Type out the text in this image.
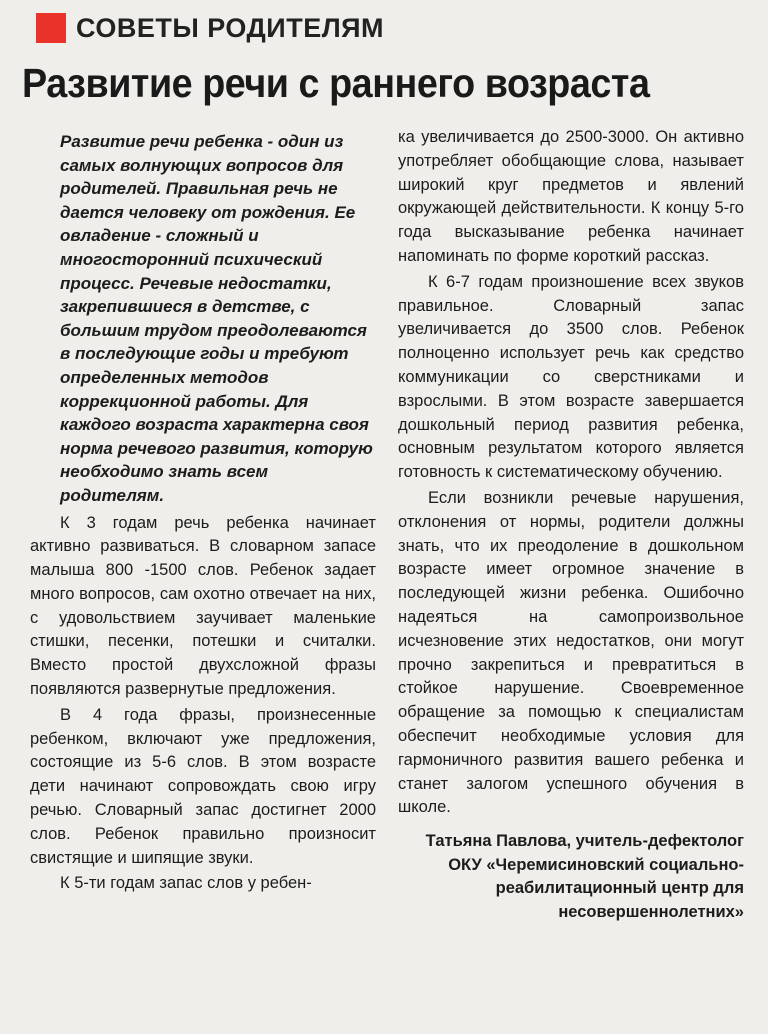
СОВЕТЫ РОДИТЕЛЯМ
Развитие речи с раннего возраста

Развитие речи ребенка - один из самых волнующих вопросов для родителей. Правильная речь не дается человеку от рождения. Ее овладение - сложный и многосторонний психический процесс. Речевые недостатки, закрепившиеся в детстве, с большим трудом преодолеваются в последующие годы и требуют определенных методов коррекционной работы. Для каждого возраста характерна своя норма речевого развития, которую необходимо знать всем родителям.

К 3 годам речь ребенка начинает активно развиваться. В словарном запасе малыша 800 -1500 слов. Ребенок задает много вопросов, сам охотно отвечает на них, с удовольствием заучивает маленькие стишки, песенки, потешки и считалки. Вместо простой двухсложной фразы появляются развернутые предложения.

В 4 года фразы, произнесенные ребенком, включают уже предложения, состоящие из 5-6 слов. В этом возрасте дети начинают сопровождать свою игру речью. Словарный запас достигнет 2000 слов. Ребенок правильно произносит свистящие и шипящие звуки.

К 5-ти годам запас слов у ребен-

ка увеличивается до 2500-3000. Он активно употребляет обобщающие слова, называет широкий круг предметов и явлений окружающей действительности. К концу 5-го года высказывание ребенка начинает напоминать по форме короткий рассказ.

К 6-7 годам произношение всех звуков правильное. Словарный запас увеличивается до 3500 слов. Ребенок полноценно использует речь как средство коммуникации со сверстниками и взрослыми. В этом возрасте завершается дошкольный период развития ребенка, основным результатом которого является готовность к систематическому обучению.

Если возникли речевые нарушения, отклонения от нормы, родители должны знать, что их преодоление в дошкольном возрасте имеет огромное значение в последующей жизни ребенка. Ошибочно надеяться на самопроизвольное исчезновение этих недостатков, они могут прочно закрепиться и превратиться в стойкое нарушение. Своевременное обращение за помощью к специалистам обеспечит необходимые условия для гармоничного развития вашего ребенка и станет залогом успешного обучения в школе.

Татьяна Павлова, учитель-дефектолог ОКУ «Черемисиновский социально-реабилитационный центр для несовершеннолетних»
